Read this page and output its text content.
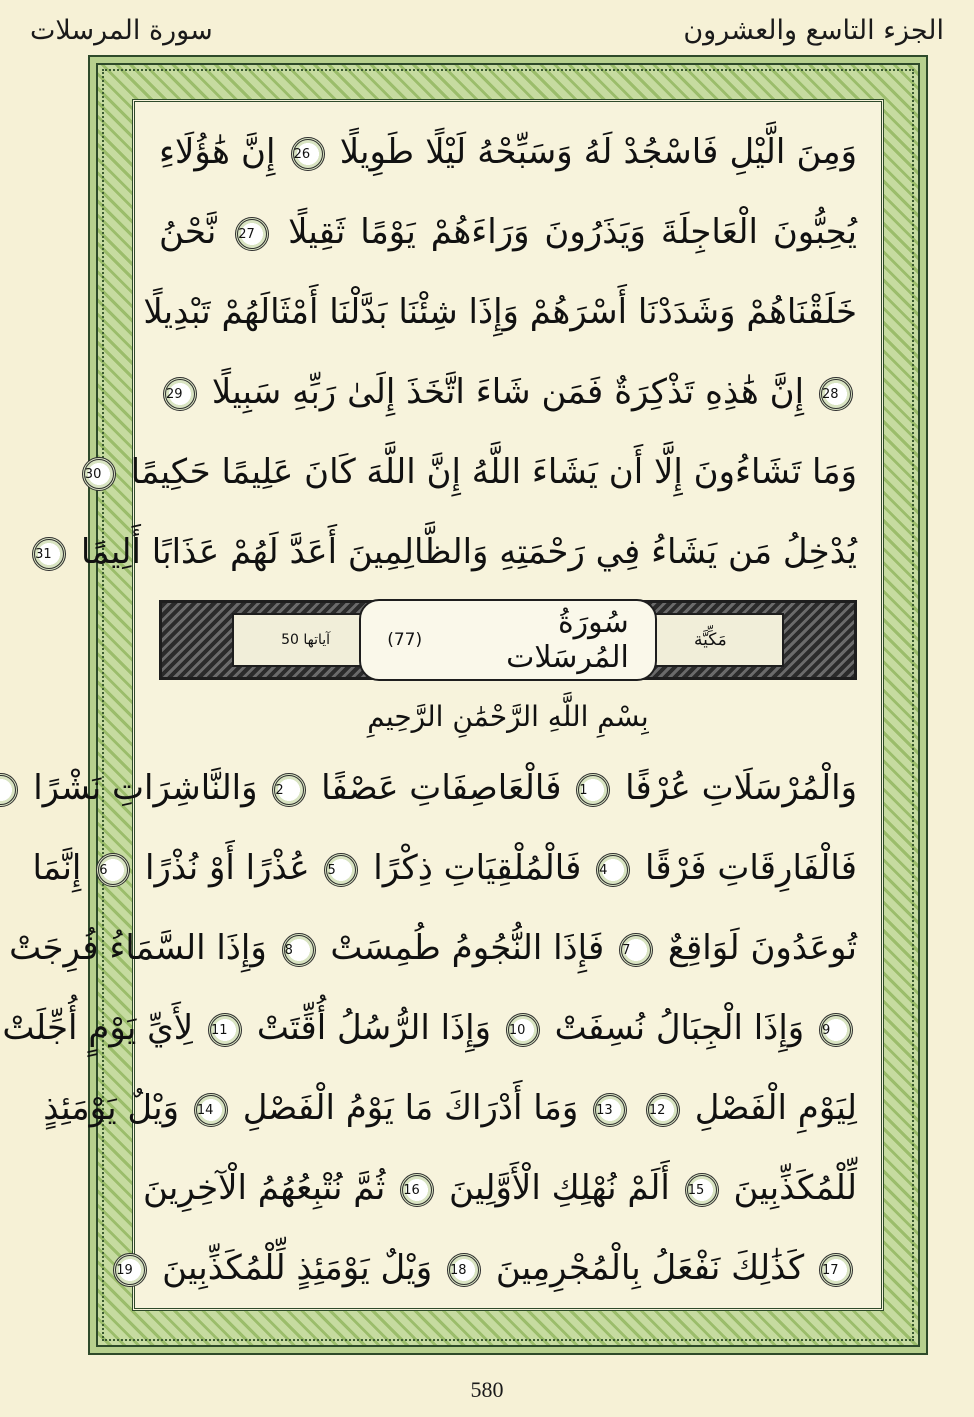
الجزء التاسع والعشرون
سورة المرسلات
وَمِنَ الَّيْلِ فَاسْجُدْ لَهُ وَسَبِّحْهُ لَيْلًا طَوِيلًا 26 إِنَّ هَٰؤُلَاءِ
يُحِبُّونَ الْعَاجِلَةَ وَيَذَرُونَ وَرَاءَهُمْ يَوْمًا ثَقِيلًا 27 نَّحْنُ
خَلَقْنَاهُمْ وَشَدَدْنَا أَسْرَهُمْ وَإِذَا شِئْنَا بَدَّلْنَا أَمْثَالَهُمْ تَبْدِيلًا
28 إِنَّ هَٰذِهِ تَذْكِرَةٌ فَمَن شَاءَ اتَّخَذَ إِلَىٰ رَبِّهِ سَبِيلًا 29
وَمَا تَشَاءُونَ إِلَّا أَن يَشَاءَ اللَّهُ إِنَّ اللَّهَ كَانَ عَلِيمًا حَكِيمًا 30
يُدْخِلُ مَن يَشَاءُ فِي رَحْمَتِهِ وَالظَّالِمِينَ أَعَدَّ لَهُمْ عَذَابًا أَلِيمًا 31
مَكِّيَّة
سُورَةُ المُرسَلات
(77)
آياتها 50
بِسْمِ اللَّهِ الرَّحْمَٰنِ الرَّحِيمِ
وَالْمُرْسَلَاتِ عُرْفًا 1 فَالْعَاصِفَاتِ عَصْفًا 2 وَالنَّاشِرَاتِ نَشْرًا
فَالْفَارِقَاتِ فَرْقًا 4 فَالْمُلْقِيَاتِ ذِكْرًا 5 عُذْرًا أَوْ نُذْرًا 6 إِنَّمَا
تُوعَدُونَ لَوَاقِعٌ 7 فَإِذَا النُّجُومُ طُمِسَتْ 8 وَإِذَا السَّمَاءُ فُرِجَتْ
9 وَإِذَا الْجِبَالُ نُسِفَتْ 10 وَإِذَا الرُّسُلُ أُقِّتَتْ 11 لِأَيِّ يَوْمٍ أُجِّلَتْ
لِيَوْمِ الْفَصْلِ 12 13 وَمَا أَدْرَاكَ مَا يَوْمُ الْفَصْلِ 14 وَيْلٌ يَوْمَئِذٍ
لِّلْمُكَذِّبِينَ 15 أَلَمْ نُهْلِكِ الْأَوَّلِينَ 16 ثُمَّ نُتْبِعُهُمُ الْآخِرِينَ
17 كَذَٰلِكَ نَفْعَلُ بِالْمُجْرِمِينَ 18 وَيْلٌ يَوْمَئِذٍ لِّلْمُكَذِّبِينَ 19
580
